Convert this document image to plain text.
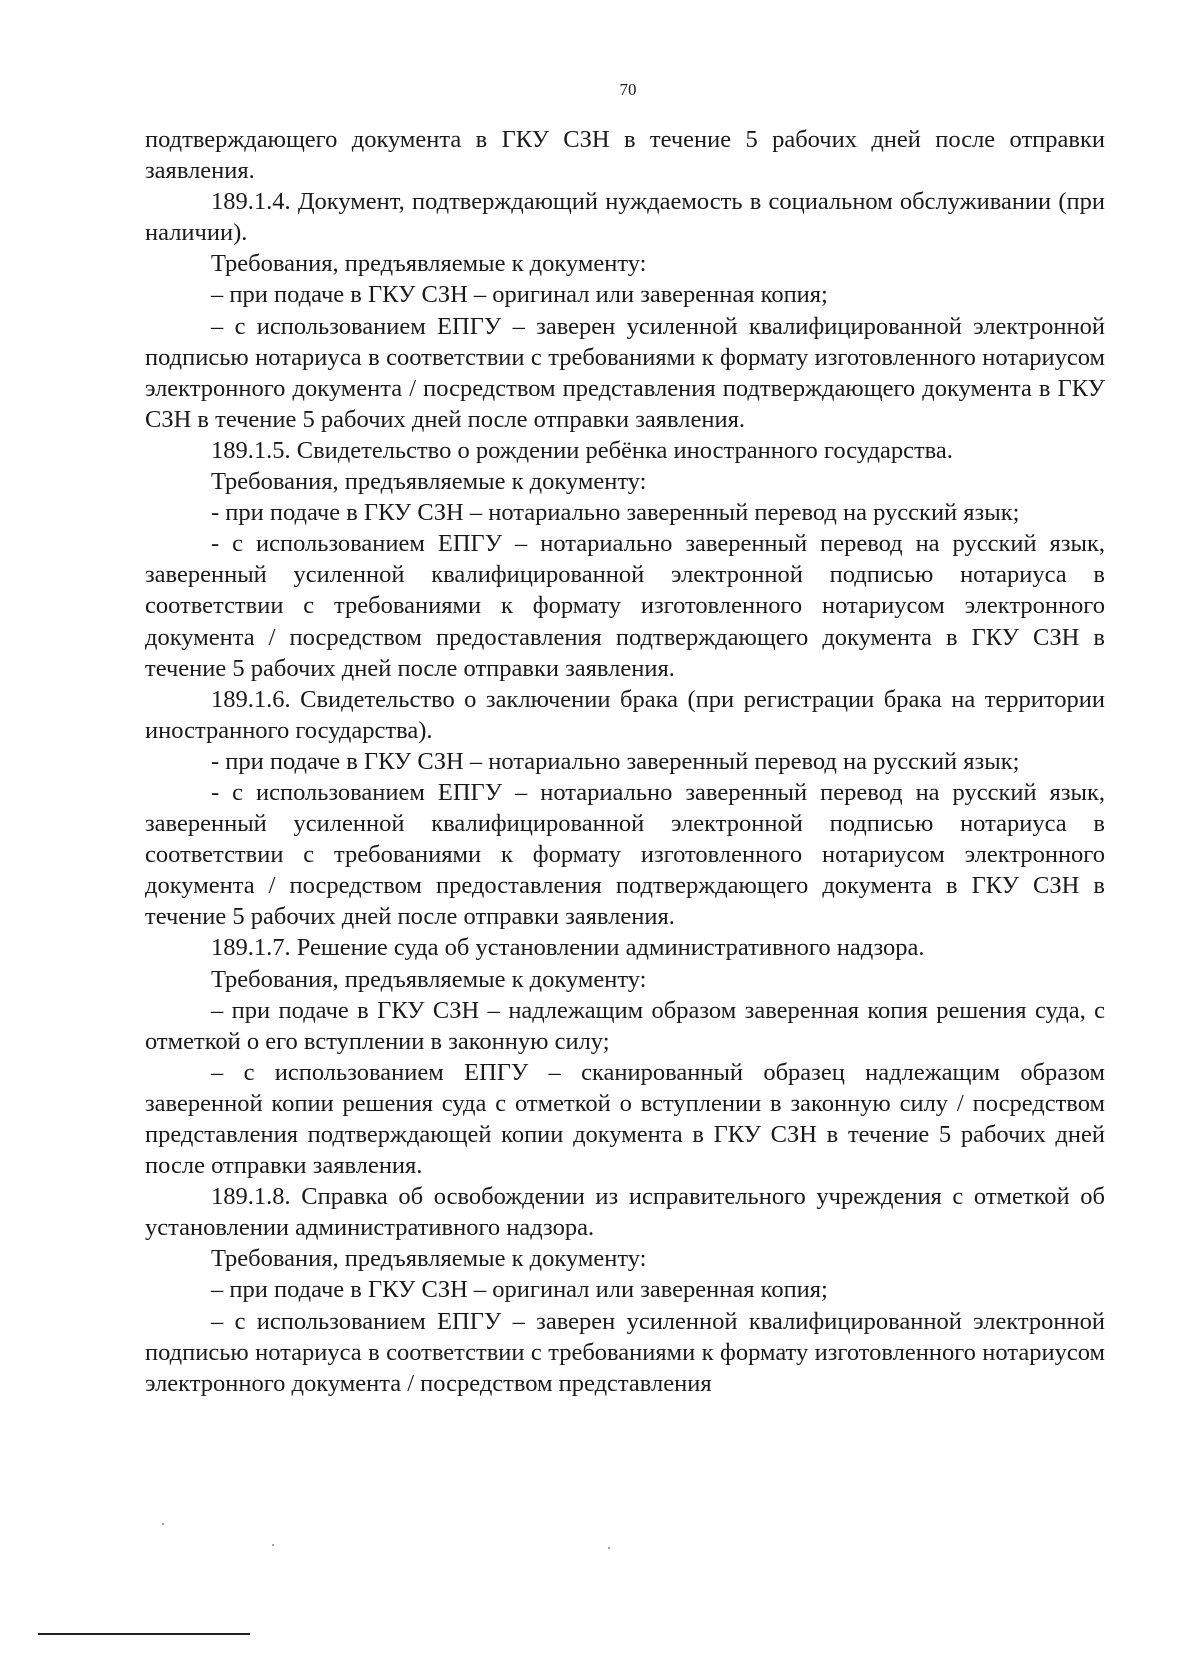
70

подтверждающего документа в ГКУ СЗН в течение 5 рабочих дней после отправки заявления.

189.1.4. Документ, подтверждающий нуждаемость в социальном обслуживании (при наличии).

Требования, предъявляемые к документу:

– при подаче в ГКУ СЗН – оригинал или заверенная копия;

– с использованием ЕПГУ – заверен усиленной квалифицированной электронной подписью нотариуса в соответствии с требованиями к формату изготовленного нотариусом электронного документа / посредством представления подтверждающего документа в ГКУ СЗН в течение 5 рабочих дней после отправки заявления.

189.1.5. Свидетельство о рождении ребёнка иностранного государства.

Требования, предъявляемые к документу:

- при подаче в ГКУ СЗН – нотариально заверенный перевод на русский язык;

- с использованием ЕПГУ – нотариально заверенный перевод на русский язык, заверенный усиленной квалифицированной электронной подписью нотариуса в соответствии с требованиями к формату изготовленного нотариусом электронного документа / посредством предоставления подтверждающего документа в ГКУ СЗН в течение 5 рабочих дней после отправки заявления.

189.1.6. Свидетельство о заключении брака (при регистрации брака на территории иностранного государства).

- при подаче в ГКУ СЗН – нотариально заверенный перевод на русский язык;

- с использованием ЕПГУ – нотариально заверенный перевод на русский язык, заверенный усиленной квалифицированной электронной подписью нотариуса в соответствии с требованиями к формату изготовленного нотариусом электронного документа / посредством предоставления подтверждающего документа в ГКУ СЗН в течение 5 рабочих дней после отправки заявления.

189.1.7. Решение суда об установлении административного надзора.

Требования, предъявляемые к документу:

– при подаче в ГКУ СЗН – надлежащим образом заверенная копия решения суда, с отметкой о его вступлении в законную силу;

– с использованием ЕПГУ – сканированный образец надлежащим образом заверенной копии решения суда с отметкой о вступлении в законную силу / посредством представления подтверждающей копии документа в ГКУ СЗН в течение 5 рабочих дней после отправки заявления.

189.1.8. Справка об освобождении из исправительного учреждения с отметкой об установлении административного надзора.

Требования, предъявляемые к документу:

– при подаче в ГКУ СЗН – оригинал или заверенная копия;

– с использованием ЕПГУ – заверен усиленной квалифицированной электронной подписью нотариуса в соответствии с требованиями к формату изготовленного нотариусом электронного документа / посредством представления
